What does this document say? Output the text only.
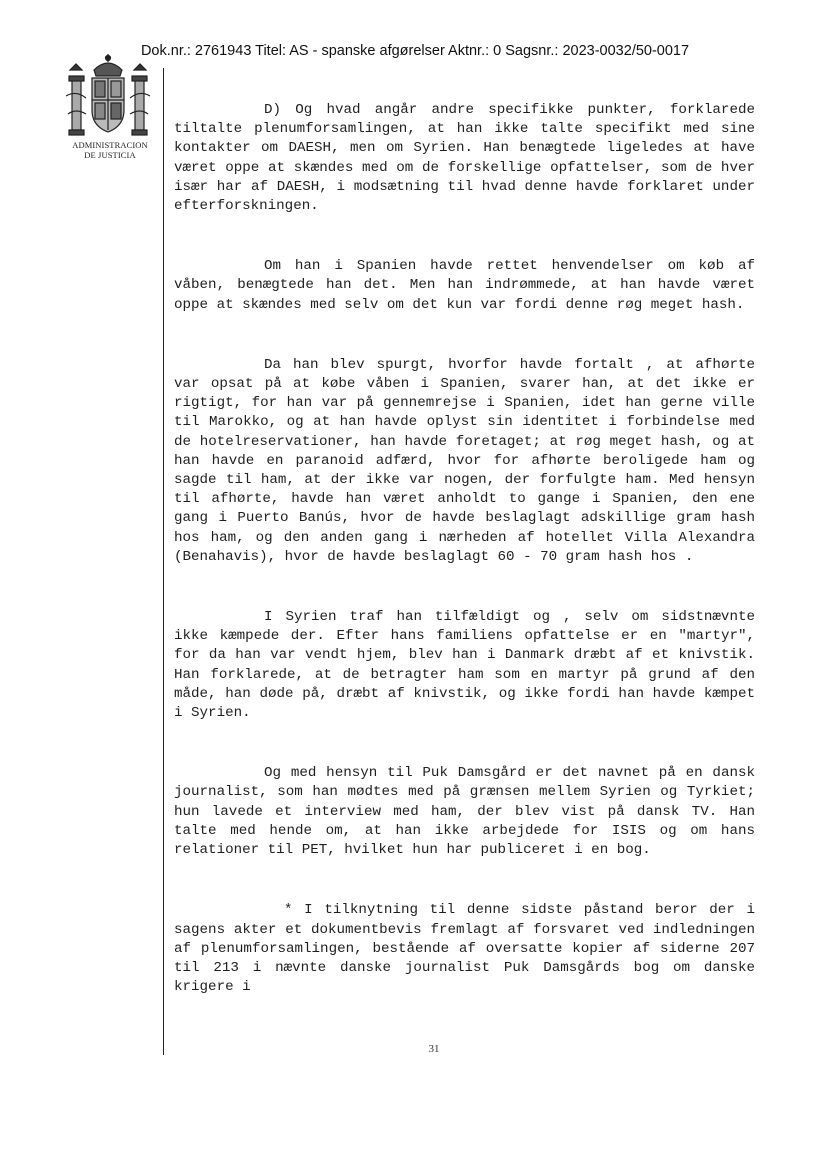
Dok.nr.: 2761943 Titel: AS - spanske afgørelser Aktnr.: 0 Sagsnr.: 2023-0032/50-0017
ADMINISTRACION
DE JUSTICIA

D) Og hvad angår andre specifikke punkter, forklarede tiltalte plenumforsamlingen, at han ikke talte specifikt med sine kontakter om DAESH, men om Syrien. Han benægtede ligeledes at have været oppe at skændes med om de forskellige opfattelser, som de hver især har af DAESH, i modsætning til hvad denne havde forklaret under efterforskningen.

Om han i Spanien havde rettet henvendelser om køb af våben, benægtede han det. Men han indrømmede, at han havde været oppe at skændes med selv om det kun var fordi denne røg meget hash.

Da han blev spurgt, hvorfor havde fortalt , at afhørte var opsat på at købe våben i Spanien, svarer han, at det ikke er rigtigt, for han var på gennemrejse i Spanien, idet han gerne ville til Marokko, og at han havde oplyst sin identitet i forbindelse med de hotelreservationer, han havde foretaget; at røg meget hash, og at han havde en paranoid adfærd, hvor for afhørte beroligede ham og sagde til ham, at der ikke var nogen, der forfulgte ham. Med hensyn til afhørte, havde han været anholdt to gange i Spanien, den ene gang i Puerto Banús, hvor de havde beslaglagt adskillige gram hash hos ham, og den anden gang i nærheden af hotellet Villa Alexandra (Benahavis), hvor de havde beslaglagt 60 - 70 gram hash hos .

I Syrien traf han tilfældigt og , selv om sidstnævnte ikke kæmpede der. Efter hans familiens opfattelse er en "martyr", for da han var vendt hjem, blev han i Danmark dræbt af et knivstik. Han forklarede, at de betragter ham som en martyr på grund af den måde, han døde på, dræbt af knivstik, og ikke fordi han havde kæmpet i Syrien.

Og med hensyn til Puk Damsgård er det navnet på en dansk journalist, som han mødtes med på grænsen mellem Syrien og Tyrkiet; hun lavede et interview med ham, der blev vist på dansk TV. Han talte med hende om, at han ikke arbejdede for ISIS og om hans relationer til PET, hvilket hun har publiceret i en bog.

* I tilknytning til denne sidste påstand beror der i sagens akter et dokumentbevis fremlagt af forsvaret ved indledningen af plenumforsamlingen, bestående af oversatte kopier af siderne 207 til 213 i nævnte danske journalist Puk Damsgårds bog om danske krigere i

31
